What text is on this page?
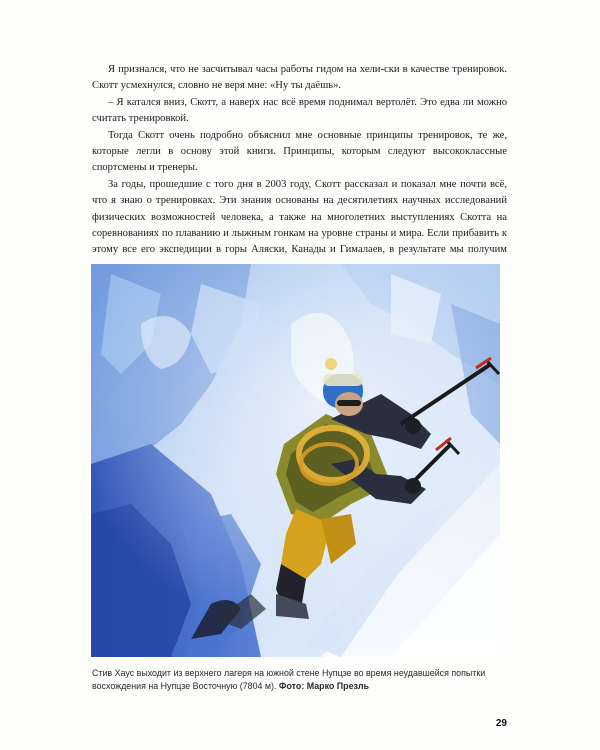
Я признался, что не засчитывал часы работы гидом на хели-ски в качестве тренировок. Скотт усмехнулся, словно не веря мне: «Ну ты даёшь».

– Я катался вниз, Скотт, а наверх нас всё время поднимал вертолёт. Это едва ли можно считать тренировкой.

Тогда Скотт очень подробно объяснил мне основные принципы тренировок, те же, которые легли в основу этой книги. Принципы, которым следуют высококлассные спортсмены и тренеры.

За годы, прошедшие с того дня в 2003 году, Скотт рассказал и показал мне почти всё, что я знаю о тренировках. Эти знания основаны на десятилетиях научных исследований физических возможностей человека, а также на многолетних выступлениях Скотта на соревнованиях по плаванию и лыжным гонкам на уровне страны и мира. Если прибавить к этому все его экспедиции в горы Аляски, Канады и Гималаев, в результате мы получим

Стив Хаус выходит из верхнего лагеря на южной стене Нупцзе во время неудавшейся попытки восхождения на Нупцзе Восточную (7804 м). Фото: Марко Презль
29
